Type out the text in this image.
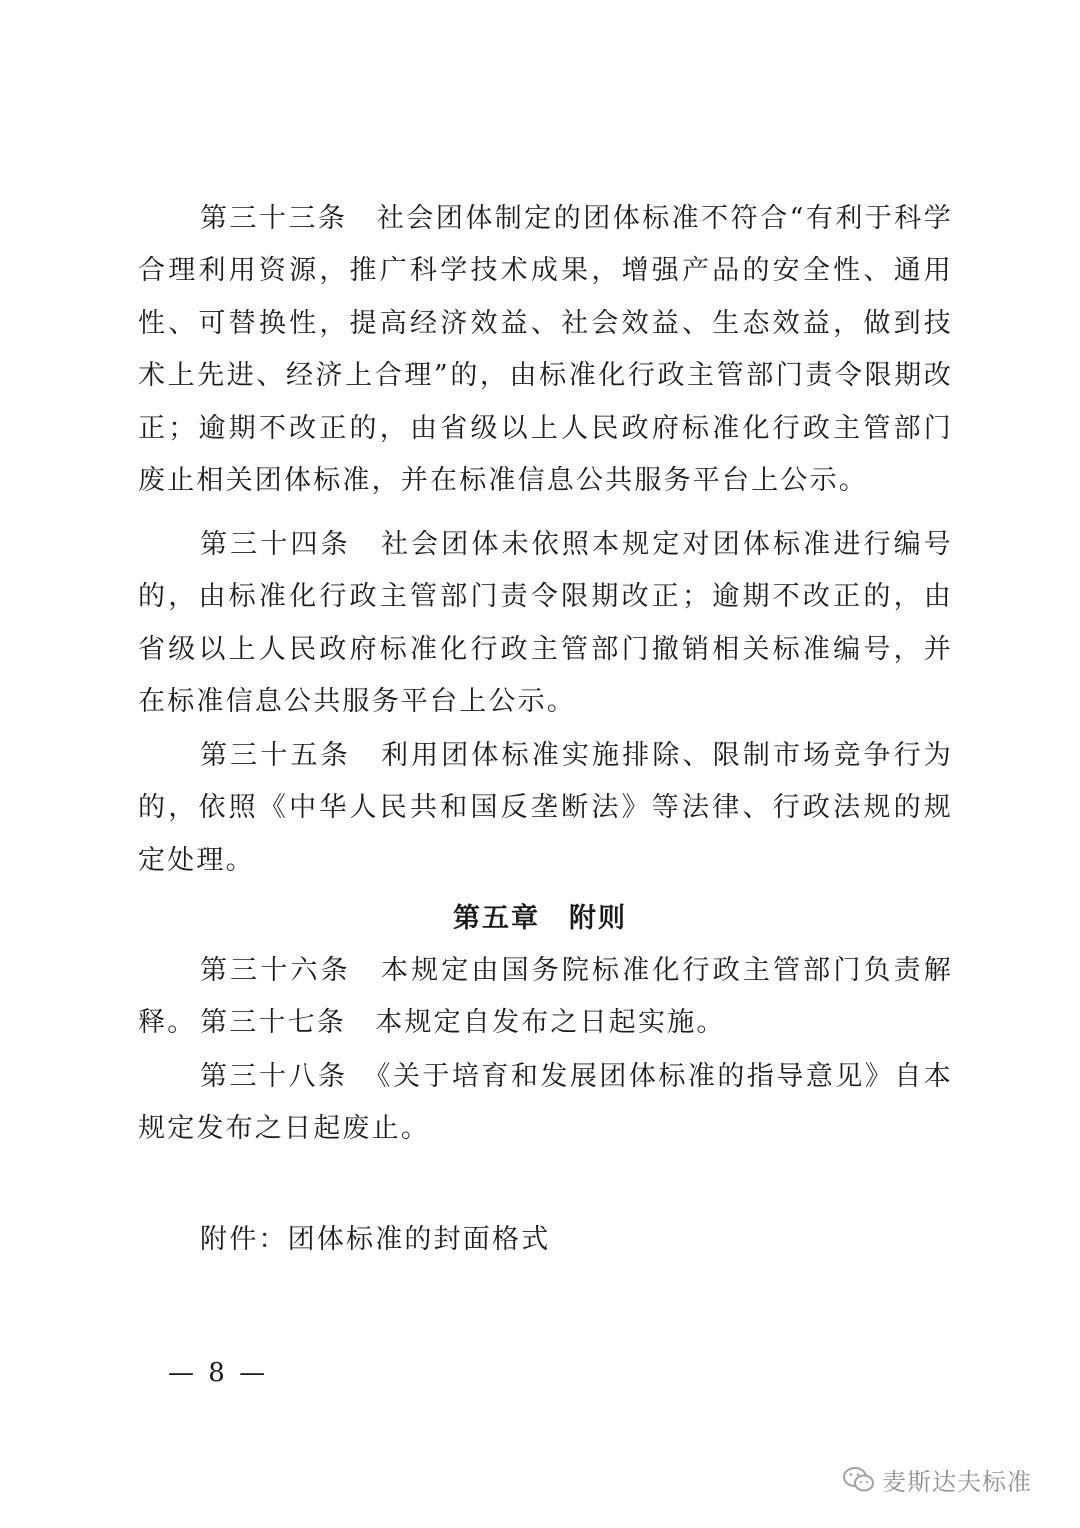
第三十三条　社会团体制定的团体标准不符合“有利于科学合理利用资源，推广科学技术成果，增强产品的安全性、通用性、可替换性，提高经济效益、社会效益、生态效益，做到技术上先进、经济上合理”的，由标准化行政主管部门责令限期改正；逾期不改正的，由省级以上人民政府标准化行政主管部门废止相关团体标准，并在标准信息公共服务平台上公示。

第三十四条　社会团体未依照本规定对团体标准进行编号的，由标准化行政主管部门责令限期改正；逾期不改正的，由省级以上人民政府标准化行政主管部门撤销相关标准编号，并在标准信息公共服务平台上公示。

第三十五条　利用团体标准实施排除、限制市场竞争行为的，依照《中华人民共和国反垄断法》等法律、行政法规的规定处理。

第五章　附则

第三十六条　本规定由国务院标准化行政主管部门负责解释。 第三十七条　本规定自发布之日起实施。

第三十八条　《关于培育和发展团体标准的指导意见》自本规定发布之日起废止。

附件：团体标准的封面格式

— 8 —
麦斯达夫标准
